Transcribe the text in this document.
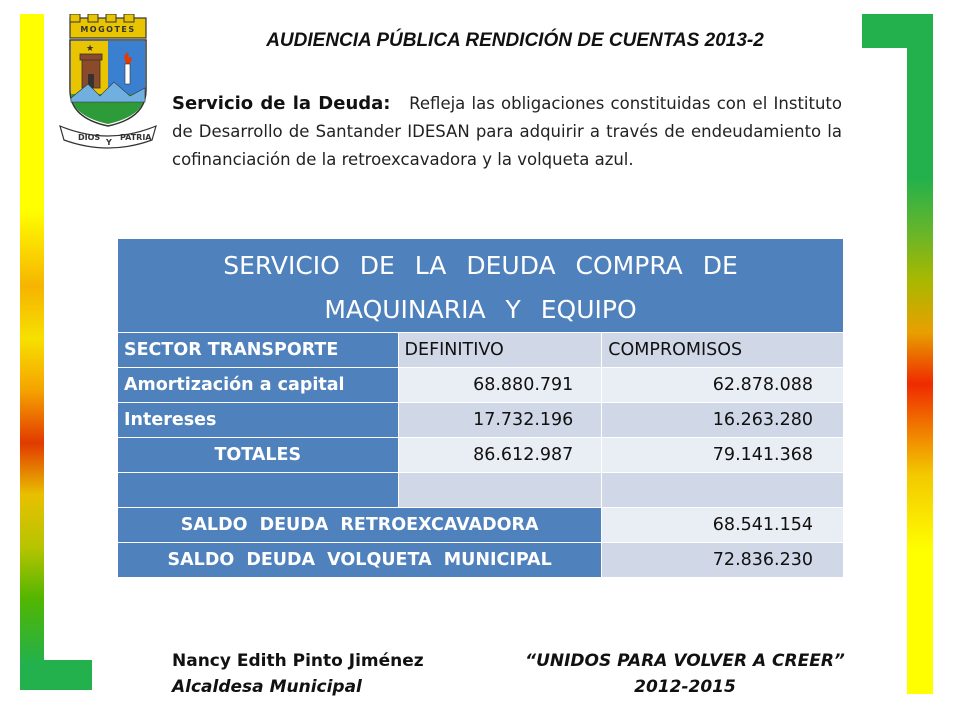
MOGOTES
★
DIOS
Y
PATRIA
AUDIENCIA PÚBLICA RENDICIÓN DE CUENTAS 2013-2
Servicio de la Deuda: Refleja las obligaciones constituidas con el Instituto de Desarrollo de Santander IDESAN para adquirir a través de endeudamiento la cofinanciación de la retroexcavadora y la volqueta azul.
SERVICIO DE LA DEUDA COMPRA DE
MAQUINARIA Y EQUIPO		

SECTOR TRANSPORTE	DEFINITIVO	COMPROMISOS
Amortización a capital	68.880.791	62.878.088
Intereses	17.732.196	16.263.280
TOTALES	86.612.987	79.141.368

SALDO DEUDA RETROEXCAVADORA		68.541.154
SALDO DEUDA VOLQUETA MUNICIPAL		72.836.230
Nancy Edith Pinto Jiménez
Alcaldesa Municipal
“UNIDOS PARA VOLVER A CREER”
2012-2015
